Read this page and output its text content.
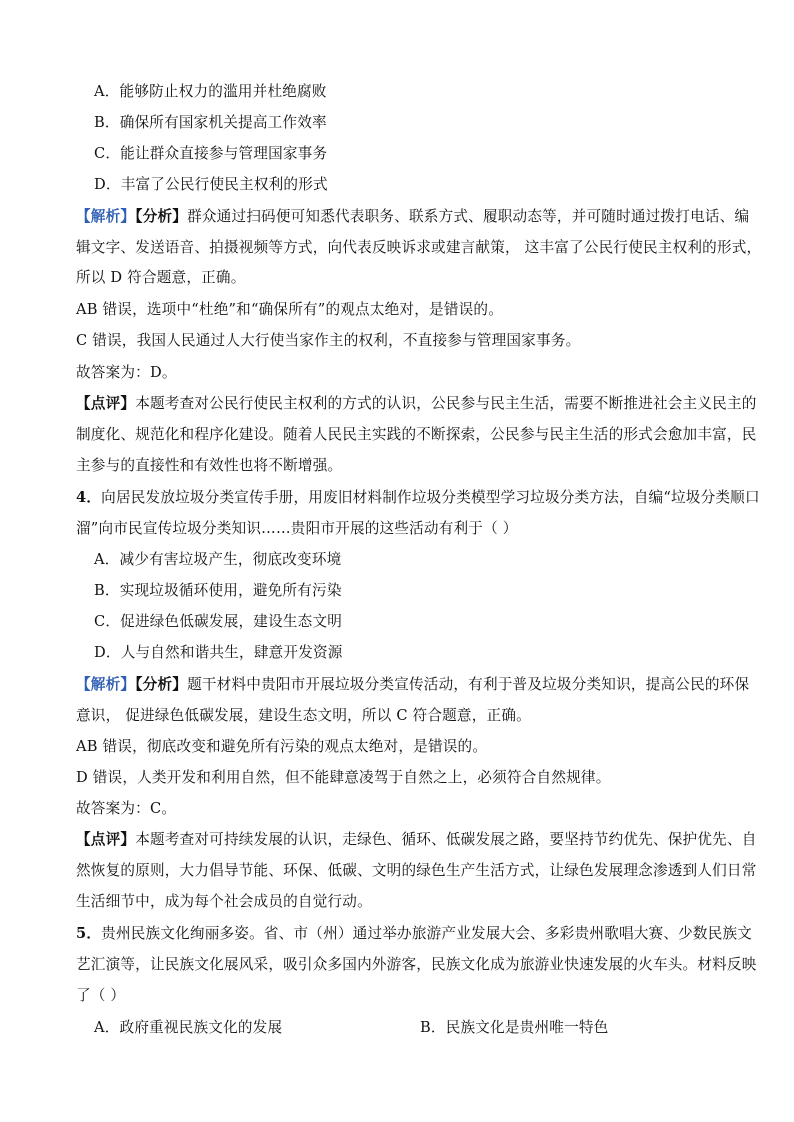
A．能够防止权力的滥用并杜绝腐败
B．确保所有国家机关提高工作效率
C．能让群众直接参与管理国家事务
D．丰富了公民行使民主权利的形式
【解析】【分析】群众通过扫码便可知悉代表职务、联系方式、履职动态等，并可随时通过拨打电话、编
辑文字、发送语音、拍摄视频等方式，向代表反映诉求或建言献策， 这丰富了公民行使民主权利的形式，
所以 D 符合题意，正确。
AB 错误，选项中“杜绝”和“确保所有”的观点太绝对，是错误的。
C 错误，我国人民通过人大行使当家作主的权利，不直接参与管理国家事务。
故答案为：D。
【点评】本题考查对公民行使民主权利的方式的认识，公民参与民主生活，需要不断推进社会主义民主的
制度化、规范化和程序化建设。随着人民民主实践的不断探索，公民参与民主生活的形式会愈加丰富，民
主参与的直接性和有效性也将不断增强。
4．向居民发放垃圾分类宣传手册，用废旧材料制作垃圾分类模型学习垃圾分类方法，自编“垃圾分类顺口
溜”向市民宣传垃圾分类知识……贵阳市开展的这些活动有利于（ ）
A．减少有害垃圾产生，彻底改变环境
B．实现垃圾循环使用，避免所有污染
C．促进绿色低碳发展，建设生态文明
D．人与自然和谐共生，肆意开发资源
【解析】【分析】题干材料中贵阳市开展垃圾分类宣传活动，有利于普及垃圾分类知识，提高公民的环保
意识， 促进绿色低碳发展，建设生态文明，所以 C 符合题意，正确。
AB 错误，彻底改变和避免所有污染的观点太绝对，是错误的。
D 错误，人类开发和利用自然，但不能肆意凌驾于自然之上，必须符合自然规律。
故答案为：C。
【点评】本题考查对可持续发展的认识，走绿色、循环、低碳发展之路，要坚持节约优先、保护优先、自
然恢复的原则，大力倡导节能、环保、低碳、文明的绿色生产生活方式，让绿色发展理念渗透到人们日常
生活细节中，成为每个社会成员的自觉行动。
5．贵州民族文化绚丽多姿。省、市（州）通过举办旅游产业发展大会、多彩贵州歌唱大赛、少数民族文
艺汇演等，让民族文化展风采，吸引众多国内外游客，民族文化成为旅游业快速发展的火车头。材料反映
了（ ）
A．政府重视民族文化的发展	B．民族文化是贵州唯一特色
